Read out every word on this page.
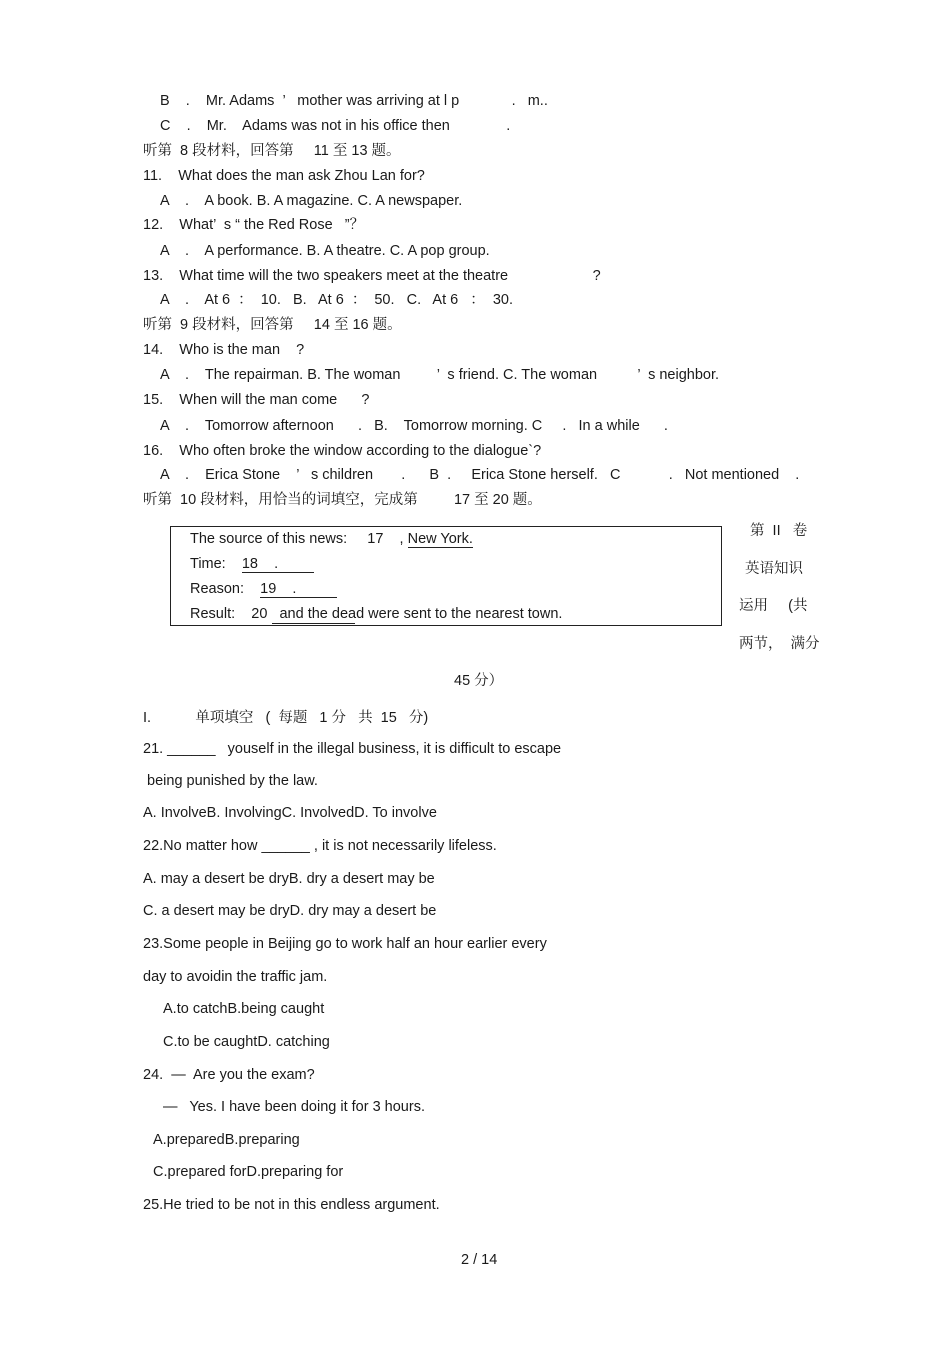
B    .    Mr. Adams  ’   mother was arriving at l p             .   m..
C    .    Mr.    Adams was not in his office then              .
听第  8 段材料，回答第     11 至 13 题。
11.    What does the man ask Zhou Lan for?
A    .    A book. B. A magazine. C. A newspaper.
12.    What’  s “ the Red Rose   ”？
A    .    A performance. B. A theatre. C. A pop group.
13.    What time will the two speakers meet at the theatre                     ?
A    .    At 6  ：  10.   B.   At 6  ：  50.   C.   At 6   ：  30.
听第  9 段材料，回答第     14 至 16 题。
14.    Who is the man    ?
A    .    The repairman. B. The woman         ’  s friend. C. The woman          ’  s neighbor.
15.    When will the man come      ?
A    .    Tomorrow afternoon      .   B.    Tomorrow morning. C     .   In a while      .
16.    Who often broke the window according to the dialogue`?
A    .    Erica Stone    ’   s children       .      B  .     Erica Stone herself.   C            .   Not mentioned    .
听第  10 段材料，用恰当的词填空，完成第         17 至 20 题。
The source of this news:     17    , New York.
Time:    18    .
Reason:    19    .
Result:    20   and the dead were sent to the nearest town.
第  II   卷
英语知识
运用     (共
两节，  满分
45 分）
I.           单项填空   (  每题   1 分   共  15   分)
21. ______   youself in the illegal business, it is difficult to escape
being punished by the law.
A. InvolveB. InvolvingC. InvolvedD. To involve
22.No matter how ______ , it is not necessarily lifeless.
A. may a desert be dryB. dry a desert may be
C. a desert may be dryD. dry may a desert be
23.Some people in Beijing go to work half an hour earlier every
day to avoidin the traffic jam.
A.to catchB.being caught
C.to be caughtD. catching
24.  —  Are you the exam?
—   Yes. I have been doing it for 3 hours.
A.preparedB.preparing
C.prepared forD.preparing for
25.He tried to be not in this endless argument.
2 / 14
